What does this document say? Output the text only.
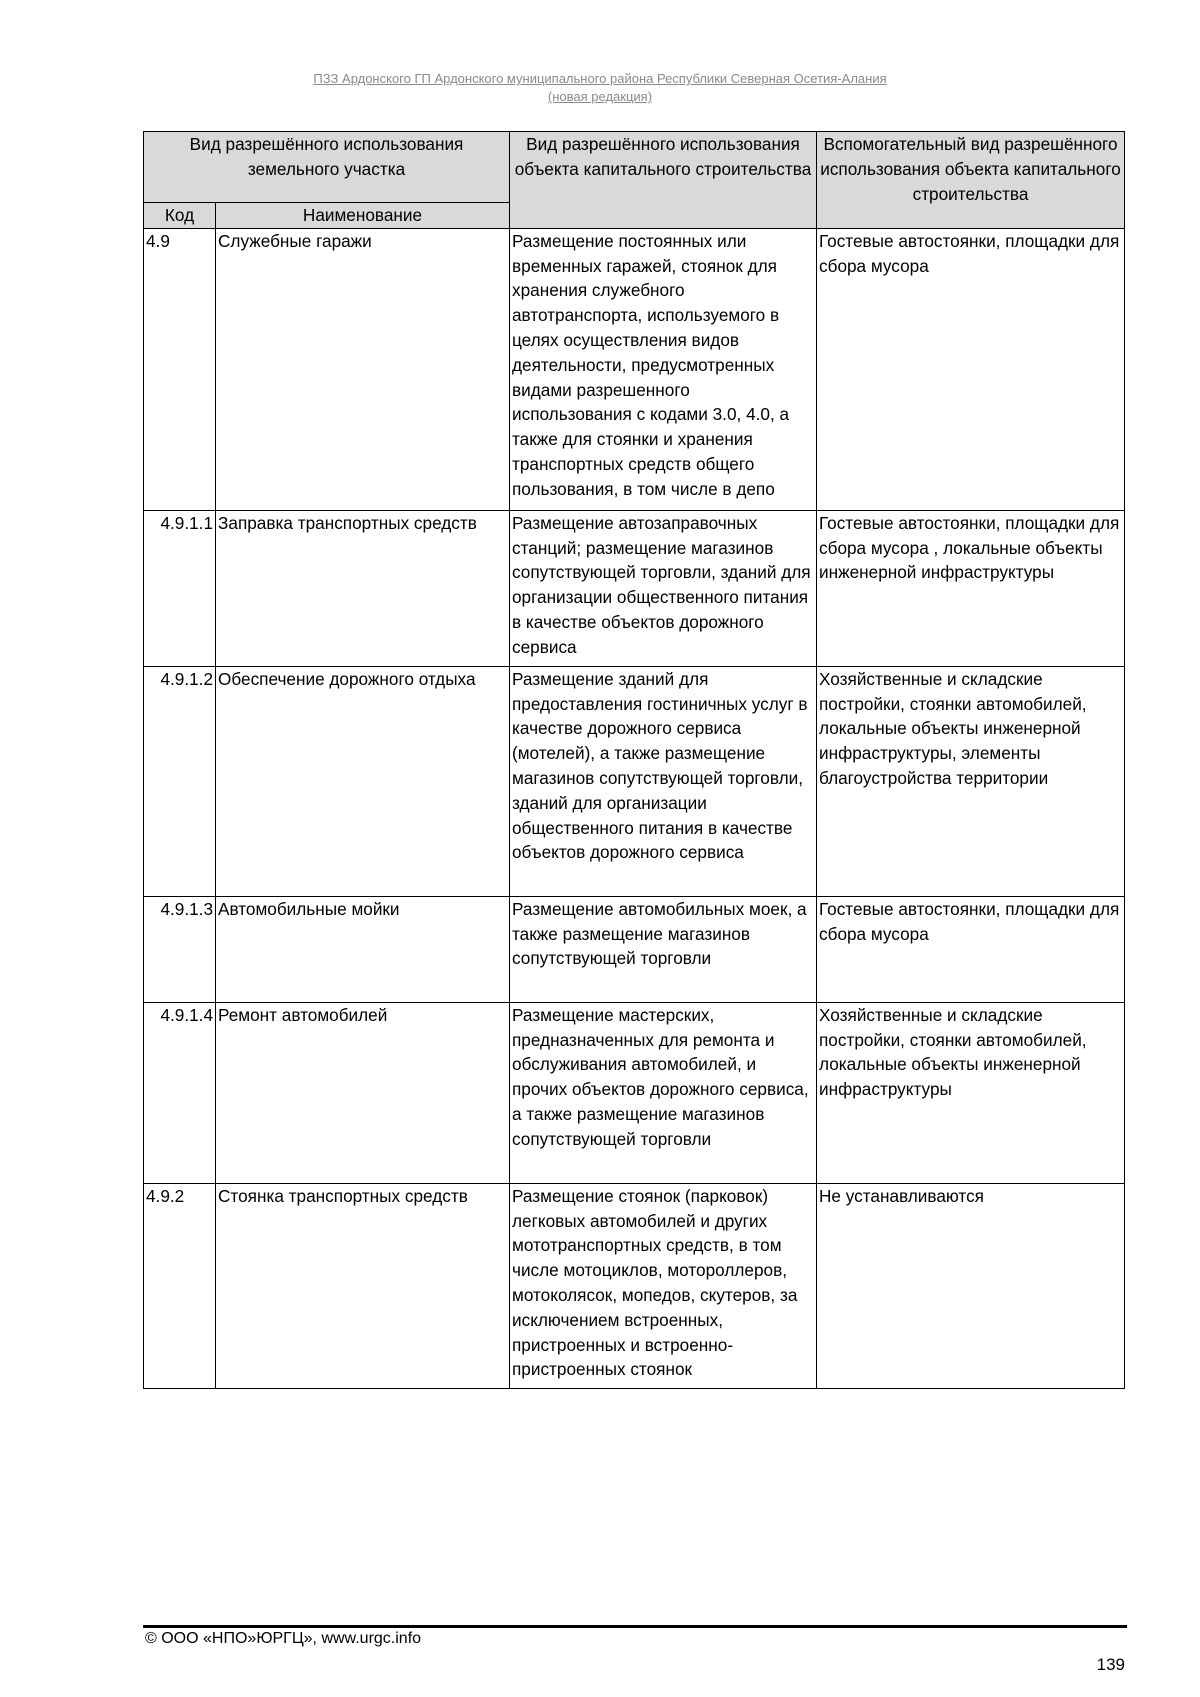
ПЗЗ Ардонского ГП Ардонского муниципального района Республики Северная Осетия-Алания
(новая редакция)
Вид разрешённого использования земельного участка		Вид разрешённого использования объекта капитального строительства	Вспомогательный вид разрешённого использования объекта капитального строительства
Код	Наименование		
4.9	Служебные гаражи	Размещение постоянных или временных гаражей, стоянок для хранения служебного автотранспорта, используемого в целях осуществления видов деятельности, предусмотренных видами разрешенного использования с кодами 3.0, 4.0, а также для стоянки и хранения транспортных средств общего пользования, в том числе в депо	Гостевые автостоянки, площадки для сбора мусора
4.9.1.1	Заправка транспортных средств	Размещение автозаправочных станций; размещение магазинов сопутствующей торговли, зданий для организации общественного питания в качестве объектов дорожного сервиса	Гостевые автостоянки, площадки для сбора мусора , локальные объекты инженерной инфраструктуры
4.9.1.2	Обеспечение дорожного отдыха	Размещение зданий для предоставления гостиничных услуг в качестве дорожного сервиса (мотелей), а также размещение магазинов сопутствующей торговли, зданий для организации общественного питания в качестве объектов дорожного сервиса	Хозяйственные и складские постройки, стоянки автомобилей, локальные объекты инженерной инфраструктуры, элементы благоустройства территории
4.9.1.3	Автомобильные мойки	Размещение автомобильных моек, а также размещение магазинов сопутствующей торговли	Гостевые автостоянки, площадки для сбора мусора
4.9.1.4	Ремонт автомобилей	Размещение мастерских, предназначенных для ремонта и обслуживания автомобилей, и прочих объектов дорожного сервиса, а также размещение магазинов сопутствующей торговли	Хозяйственные и складские постройки, стоянки автомобилей, локальные объекты инженерной инфраструктуры
4.9.2	Стоянка транспортных средств	Размещение стоянок (парковок) легковых автомобилей и других мототранспортных средств, в том числе мотоциклов, мотороллеров, мотоколясок, мопедов, скутеров, за исключением встроенных, пристроенных и встроенно-пристроенных стоянок	Не устанавливаются
© ООО «НПО»ЮРГЦ», www.urgc.info
139
